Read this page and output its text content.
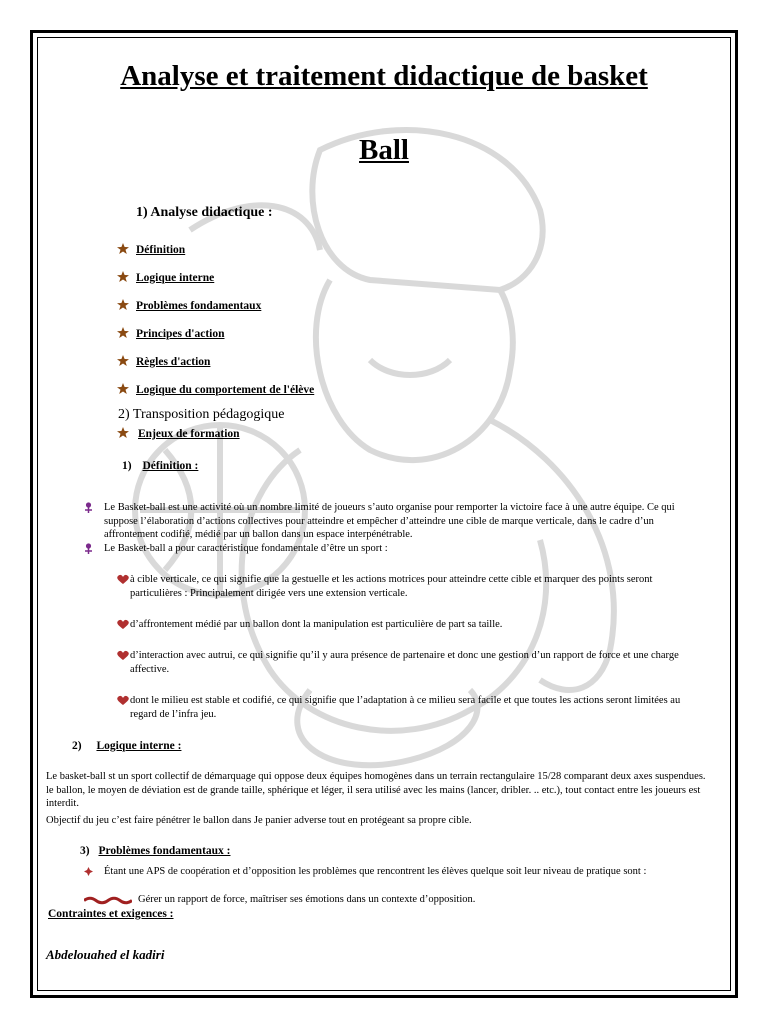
Analyse et traitement didactique de basket
Ball
1) Analyse didactique :
Définition
Logique interne
Problèmes fondamentaux
Principes d'action
Règles d'action
Logique du comportement de l'élève
2) Transposition pédagogique
Enjeux de formation
1) Définition :
Le Basket-ball est une activité où un nombre limité de joueurs s’auto organise pour remporter la victoire face à une autre équipe. Ce qui suppose l’élaboration d’actions collectives pour atteindre et empêcher d’atteindre une cible de marque verticale, dans le cadre d’un affrontement codifié, médié par un ballon dans un espace interpénétrable.
Le Basket-ball a pour caractéristique fondamentale d’être un sport :
à cible verticale, ce qui signifie que la gestuelle et les actions motrices pour atteindre cette cible et marquer des points seront particulières : Principalement dirigée vers une extension verticale.
d’affrontement médié par un ballon dont la manipulation est particulière de part sa taille.
d’interaction avec autrui, ce qui signifie qu’il y aura présence de partenaire et donc une gestion d’un rapport de force et une charge affective.
dont le milieu est stable et codifié, ce qui signifie que l’adaptation à ce milieu sera facile et que toutes les actions seront limitées au regard de l’infra jeu.
2) Logique interne :
Le basket-ball st un sport collectif de démarquage qui oppose deux équipes homogènes dans un terrain rectangulaire 15/28 comparant deux axes suspendues. le ballon, le moyen de déviation est de grande taille, sphérique et léger, il sera utilisé avec les mains (lancer, dribler. .. etc.), tout contact entre les joueurs est interdit.
Objectif du jeu c’est faire pénétrer le ballon dans Je panier adverse tout en protégeant sa propre cible.
3) Problèmes fondamentaux :
Étant une APS de coopération et d’opposition les problèmes que rencontrent les élèves quelque soit leur niveau de pratique sont :
Gérer un rapport de force, maîtriser ses émotions dans un contexte d’opposition.
Contraintes et exigences :
Abdelouahed el kadiri
